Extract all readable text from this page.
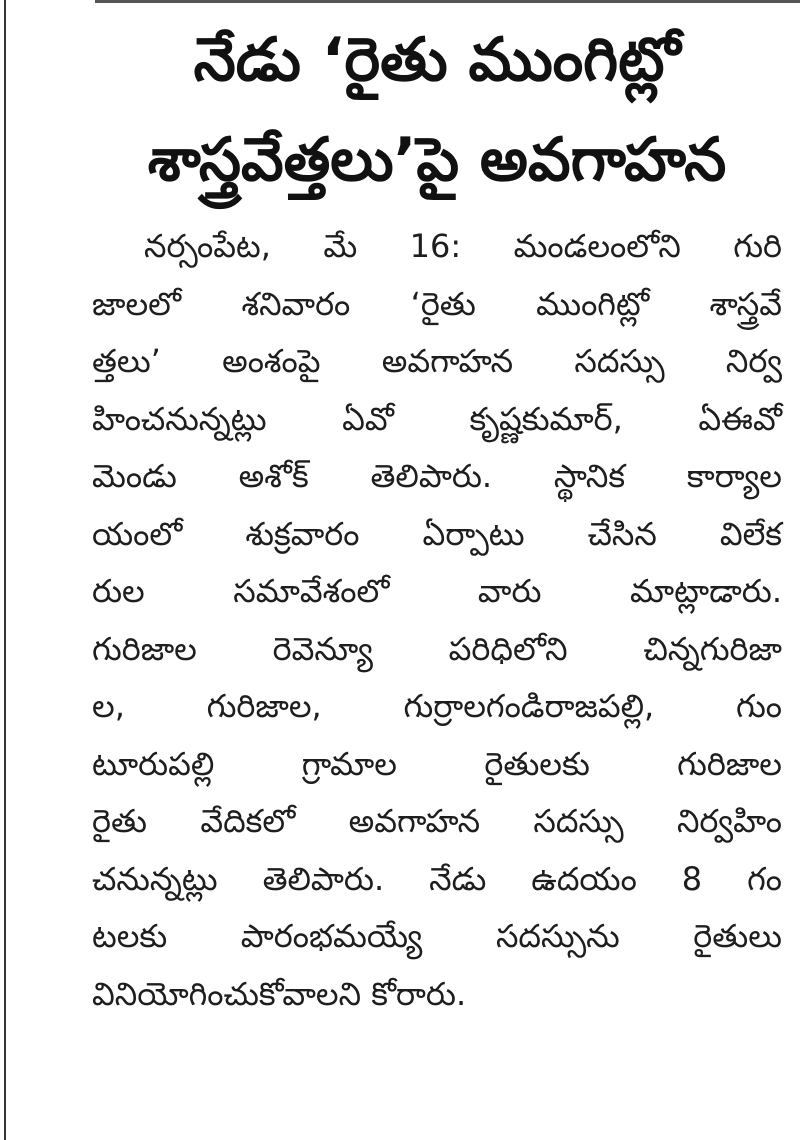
నేడు ‘రైతు ముంగిట్లో
శాస్త్రవేత్తలు’పై అవగాహన
నర్సంపేట, మే 16: మండలంలోని గురి
జాలలో శనివారం ‘రైతు ముంగిట్లో శాస్త్రవే
త్తలు’ అంశంపై అవగాహన సదస్సు నిర్వ
హించనున్నట్లు ఏవో కృష్ణకుమార్, ఏఈవో
మెండు అశోక్ తెలిపారు. స్థానిక కార్యాల
యంలో శుక్రవారం ఏర్పాటు చేసిన విలేక
రుల సమావేశంలో వారు మాట్లాడారు.
గురిజాల రెవెన్యూ పరిధిలోని చిన్నగురిజా
ల, గురిజాల, గుర్రాలగండిరాజపల్లి, గుం
టూరుపల్లి గ్రామాల రైతులకు గురిజాల
రైతు వేదికలో అవగాహన సదస్సు నిర్వహిం
చనున్నట్లు తెలిపారు. నేడు ఉదయం 8 గం
టలకు పారంభమయ్యే సదస్సును రైతులు
వినియోగించుకోవాలని కోరారు.
